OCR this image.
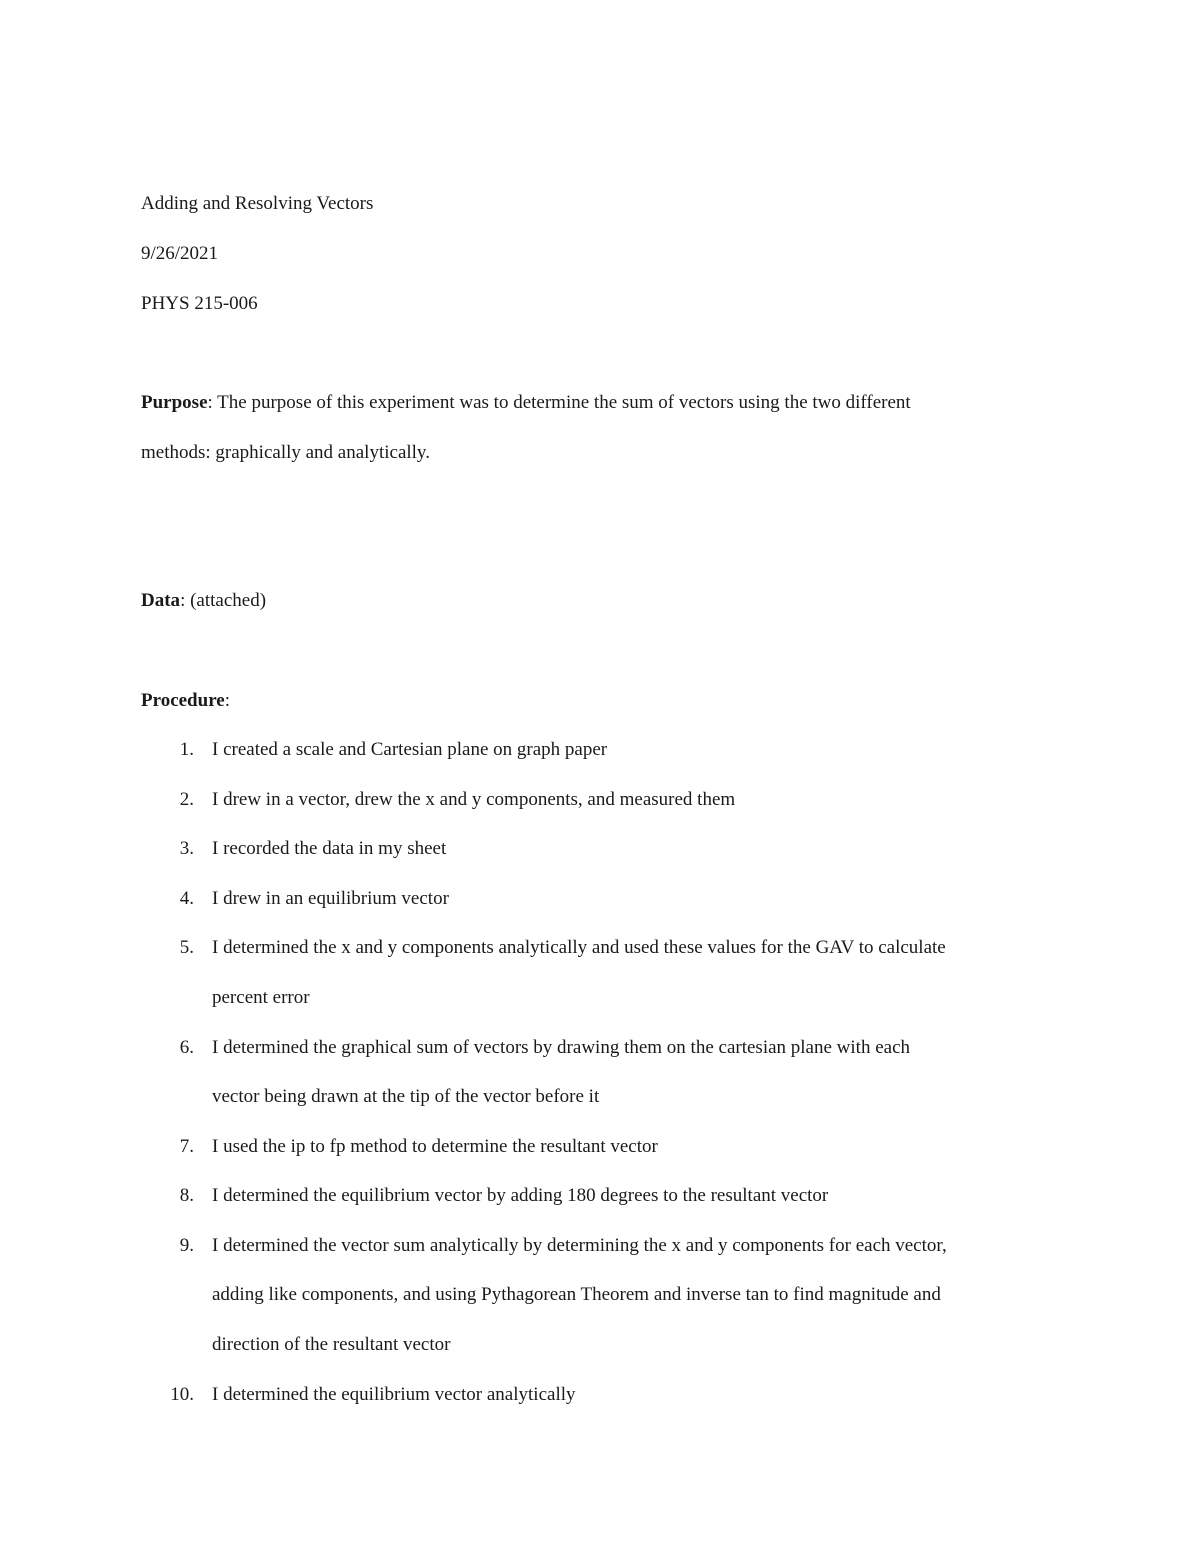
Adding and Resolving Vectors
9/26/2021
PHYS 215-006
Purpose: The purpose of this experiment was to determine the sum of vectors using the two different
methods: graphically and analytically.
Data: (attached)
Procedure:
1. I created a scale and Cartesian plane on graph paper
2. I drew in a vector, drew the x and y components, and measured them
3. I recorded the data in my sheet
4. I drew in an equilibrium vector
5. I determined the x and y components analytically and used these values for the GAV to calculate
percent error
6. I determined the graphical sum of vectors by drawing them on the cartesian plane with each
vector being drawn at the tip of the vector before it
7. I used the ip to fp method to determine the resultant vector
8. I determined the equilibrium vector by adding 180 degrees to the resultant vector
9. I determined the vector sum analytically by determining the x and y components for each vector,
adding like components, and using Pythagorean Theorem and inverse tan to find magnitude and
direction of the resultant vector
10. I determined the equilibrium vector analytically
